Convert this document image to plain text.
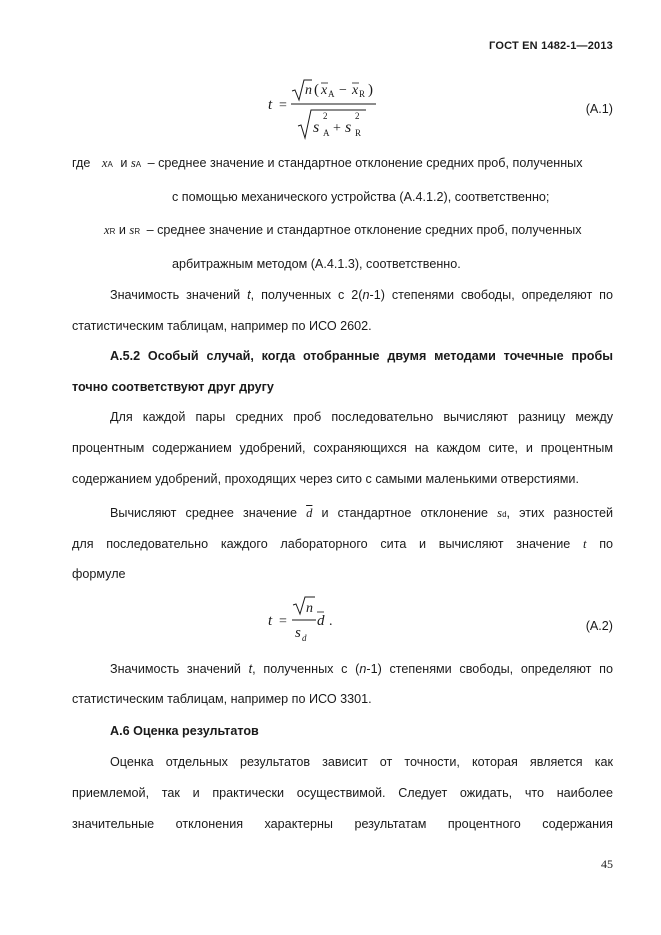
ГОСТ EN 1482-1—2013
t =
n ( x A − x R )
s
2
A + s
2
R
(A.1)
где xA и sA – среднее значение и стандартное отклонение средних проб, полученных
с помощью механического устройства (А.4.1.2), соответственно;
xR и sR – среднее значение и стандартное отклонение средних проб, полученных
арбитражным методом (А.4.1.3), соответственно.
Значимость значений t, полученных с 2(n-1) степенями свободы, определяют по
статистическим таблицам, например по ИСО 2602.
А.5.2 Особый случай, когда отобранные двумя методами точечные пробы
точно соответствуют друг другу
Для каждой пары средних проб последовательно вычисляют разницу между
процентным содержанием удобрений, сохраняющихся на каждом сите, и процентным
содержанием удобрений, проходящих через сито с самыми маленькими отверстиями.
Вычисляют среднее значение $\overline{d}$ и стандартное отклонение sd, этих разностей
для последовательно каждого лабораторного сита и вычисляют значение t по
формуле
t =
n
s d
d .	(А.2)
Значимость значений t, полученных с (n-1) степенями свободы, определяют по
статистическим таблицам, например по ИСО 3301.
А.6 Оценка результатов
Оценка отдельных результатов зависит от точности, которая является как
приемлемой, так и практически осуществимой. Следует ожидать, что наиболее
значительные отклонения характерны результатам процентного содержания
45
